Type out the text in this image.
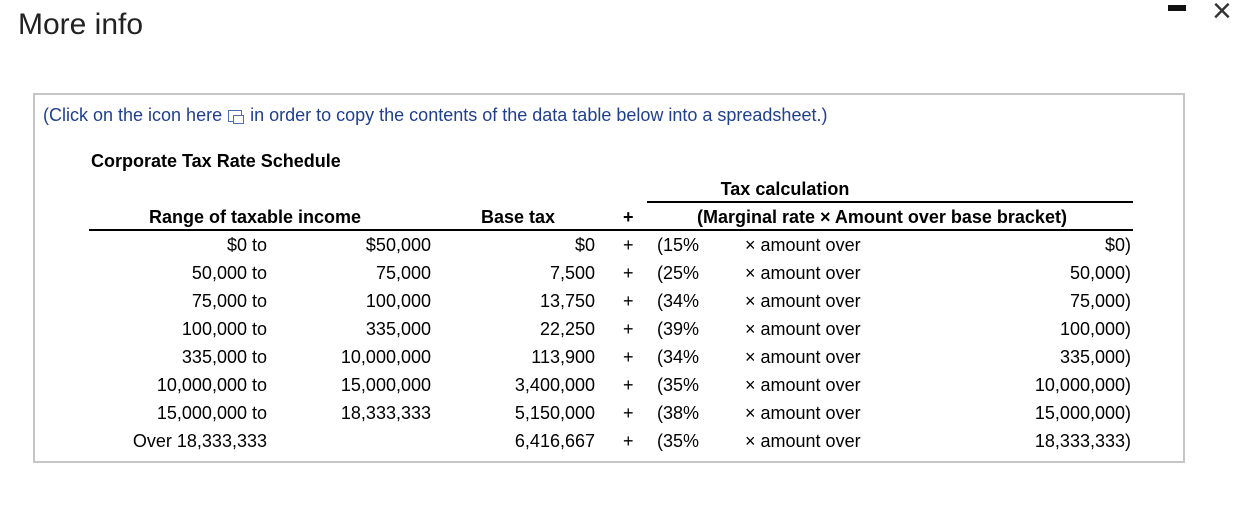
More info	×
(Click on the icon here in order to copy the contents of the data table below into a spreadsheet.)
Corporate Tax Rate Schedule
Tax calculation
Range of taxable income	Base tax	+	(Marginal rate × Amount over base bracket)
$0 to	$50,000	$0 + (15%	× amount over	$0)
50,000 to	75,000	7,500 + (25%	× amount over	50,000)
75,000 to	100,000	13,750 + (34%	× amount over	75,000)
100,000 to	335,000	22,250 + (39%	× amount over	100,000)
335,000 to	10,000,000	113,900 + (34%	× amount over	335,000)
10,000,000 to	15,000,000	3,400,000 + (35%	× amount over	10,000,000)
15,000,000 to	18,333,333	5,150,000 + (38%	× amount over	15,000,000)
Over 18,333,333	6,416,667 + (35%	× amount over	18,333,333)
